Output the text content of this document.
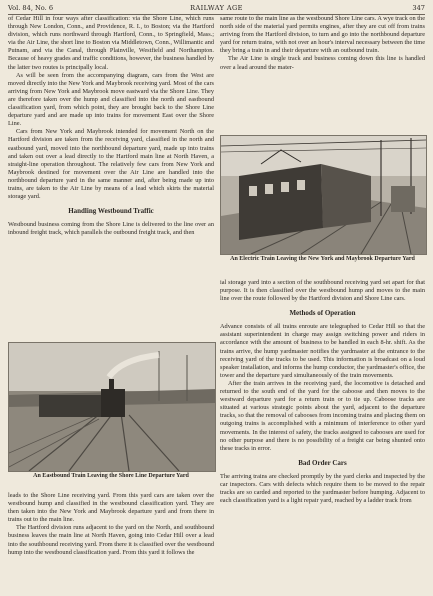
Vol. 84, No. 6	RAILWAY AGE	347

of Cedar Hill in four ways after classification: via the Shore Line, which runs through New London, Conn., and Providence, R. I., to Boston; via the Hartford division, which runs northward through Hartford, Conn., to Springfield, Mass.; via the Air Line, the short line to Boston via Middletown, Conn., Willimantic and Putnam, and via the Canal, through Plainville, Westfield and Northampton. Because of heavy grades and traffic conditions, however, the business handled by the latter two routes is principally local.

As will be seen from the accompanying diagram, cars from the West are moved directly into the New York and Maybrook receiving yard. Most of the cars arriving from New York and Maybrook move eastward via the Shore Line. They are therefore taken over the hump and classified into the north and eastbound classification yard, from which point, they are brought back to the Shore Line departure yard and are made up into trains for movement East over the Shore Line.

Cars from New York and Maybrook intended for movement North on the Hartford division are taken from the receiving yard, classified in the north and eastbound yard, moved into the northbound departure yard, made up into trains and taken out over a lead directly to the Hartford main line at North Haven, a straight-line operation throughout. The relatively few cars from New York and Maybrook destined for movement over the Air Line are handled into the northbound departure yard in the same manner and, after being made up into trains, are taken to the Air Line by means of a lead which skirts the material storage yard.

Handling Westbound Traffic

Westbound business coming from the Shore Line is delivered to the line over an inbound freight track, which parallels the outbound freight track, and then

An Eastbound Train Leaving the Shore Line Departure Yard

leads to the Shore Line receiving yard. From this yard cars are taken over the westbound hump and classified in the westbound classification yard. They are then taken into the New York and Maybrook departure yard and from there in trains out to the main line.

The Hartford division runs adjacent to the yard on the North, and southbound business leaves the main line at North Haven, going into Cedar Hill over a lead into the southbound receiving yard. From there it is classified over the westbound hump into the westbound classification yard. From this yard it follows the

same route to the main line as the westbound Shore Line cars. A wye track on the north side of the material yard permits engines, after they are cut off from trains arriving from the Hartford division, to turn and go into the northbound departure yard for return trains, with not over an hour's interval necessary between the time they bring a train in and their departure with an outbound train.

The Air Line is single track and business coming down this line is handled over a lead around the mater-

An Electric Train Leaving the New York and Maybrook Departure Yard

ial storage yard into a section of the southbound receiving yard set apart for that purpose. It is then classified over the westbound hump and moves to the main line over the route followed by the Hartford division and Shore Line cars.

Methods of Operation

Advance consists of all trains enroute are telegraphed to Cedar Hill so that the assistant superintendent in charge may assign switching power and riders in accordance with the amount of business to be handled in each 8-hr. shift. As the trains arrive, the hump yardmaster notifies the yardmaster at the entrance to the receiving yard of the tracks to be used. This information is broadcast on a loud speaker installation, and informs the hump conductor, the yardmaster's office, the tower and the departure yard simultaneously of the train movements.

After the train arrives in the receiving yard, the locomotive is detached and returned to the south end of the yard for the caboose and then moves to the westward departure yard for a return train or to tie up. Caboose tracks are situated at various strategic points about the yard, adjacent to the departure tracks, so that the removal of cabooses from incoming trains and placing them on outgoing trains is accomplished with a minimum of interference to other yard movements. In the interest of safety, the tracks assigned to cabooses are used for no other purpose and there is no possibility of a freight car being shunted onto these tracks in error.

Bad Order Cars

The arriving trains are checked promptly by the yard clerks and inspected by the car inspectors. Cars with defects which require them to be moved to the repair tracks are so carded and reported to the yardmaster before humping. Adjacent to each classification yard is a light repair yard, reached by a ladder track from
